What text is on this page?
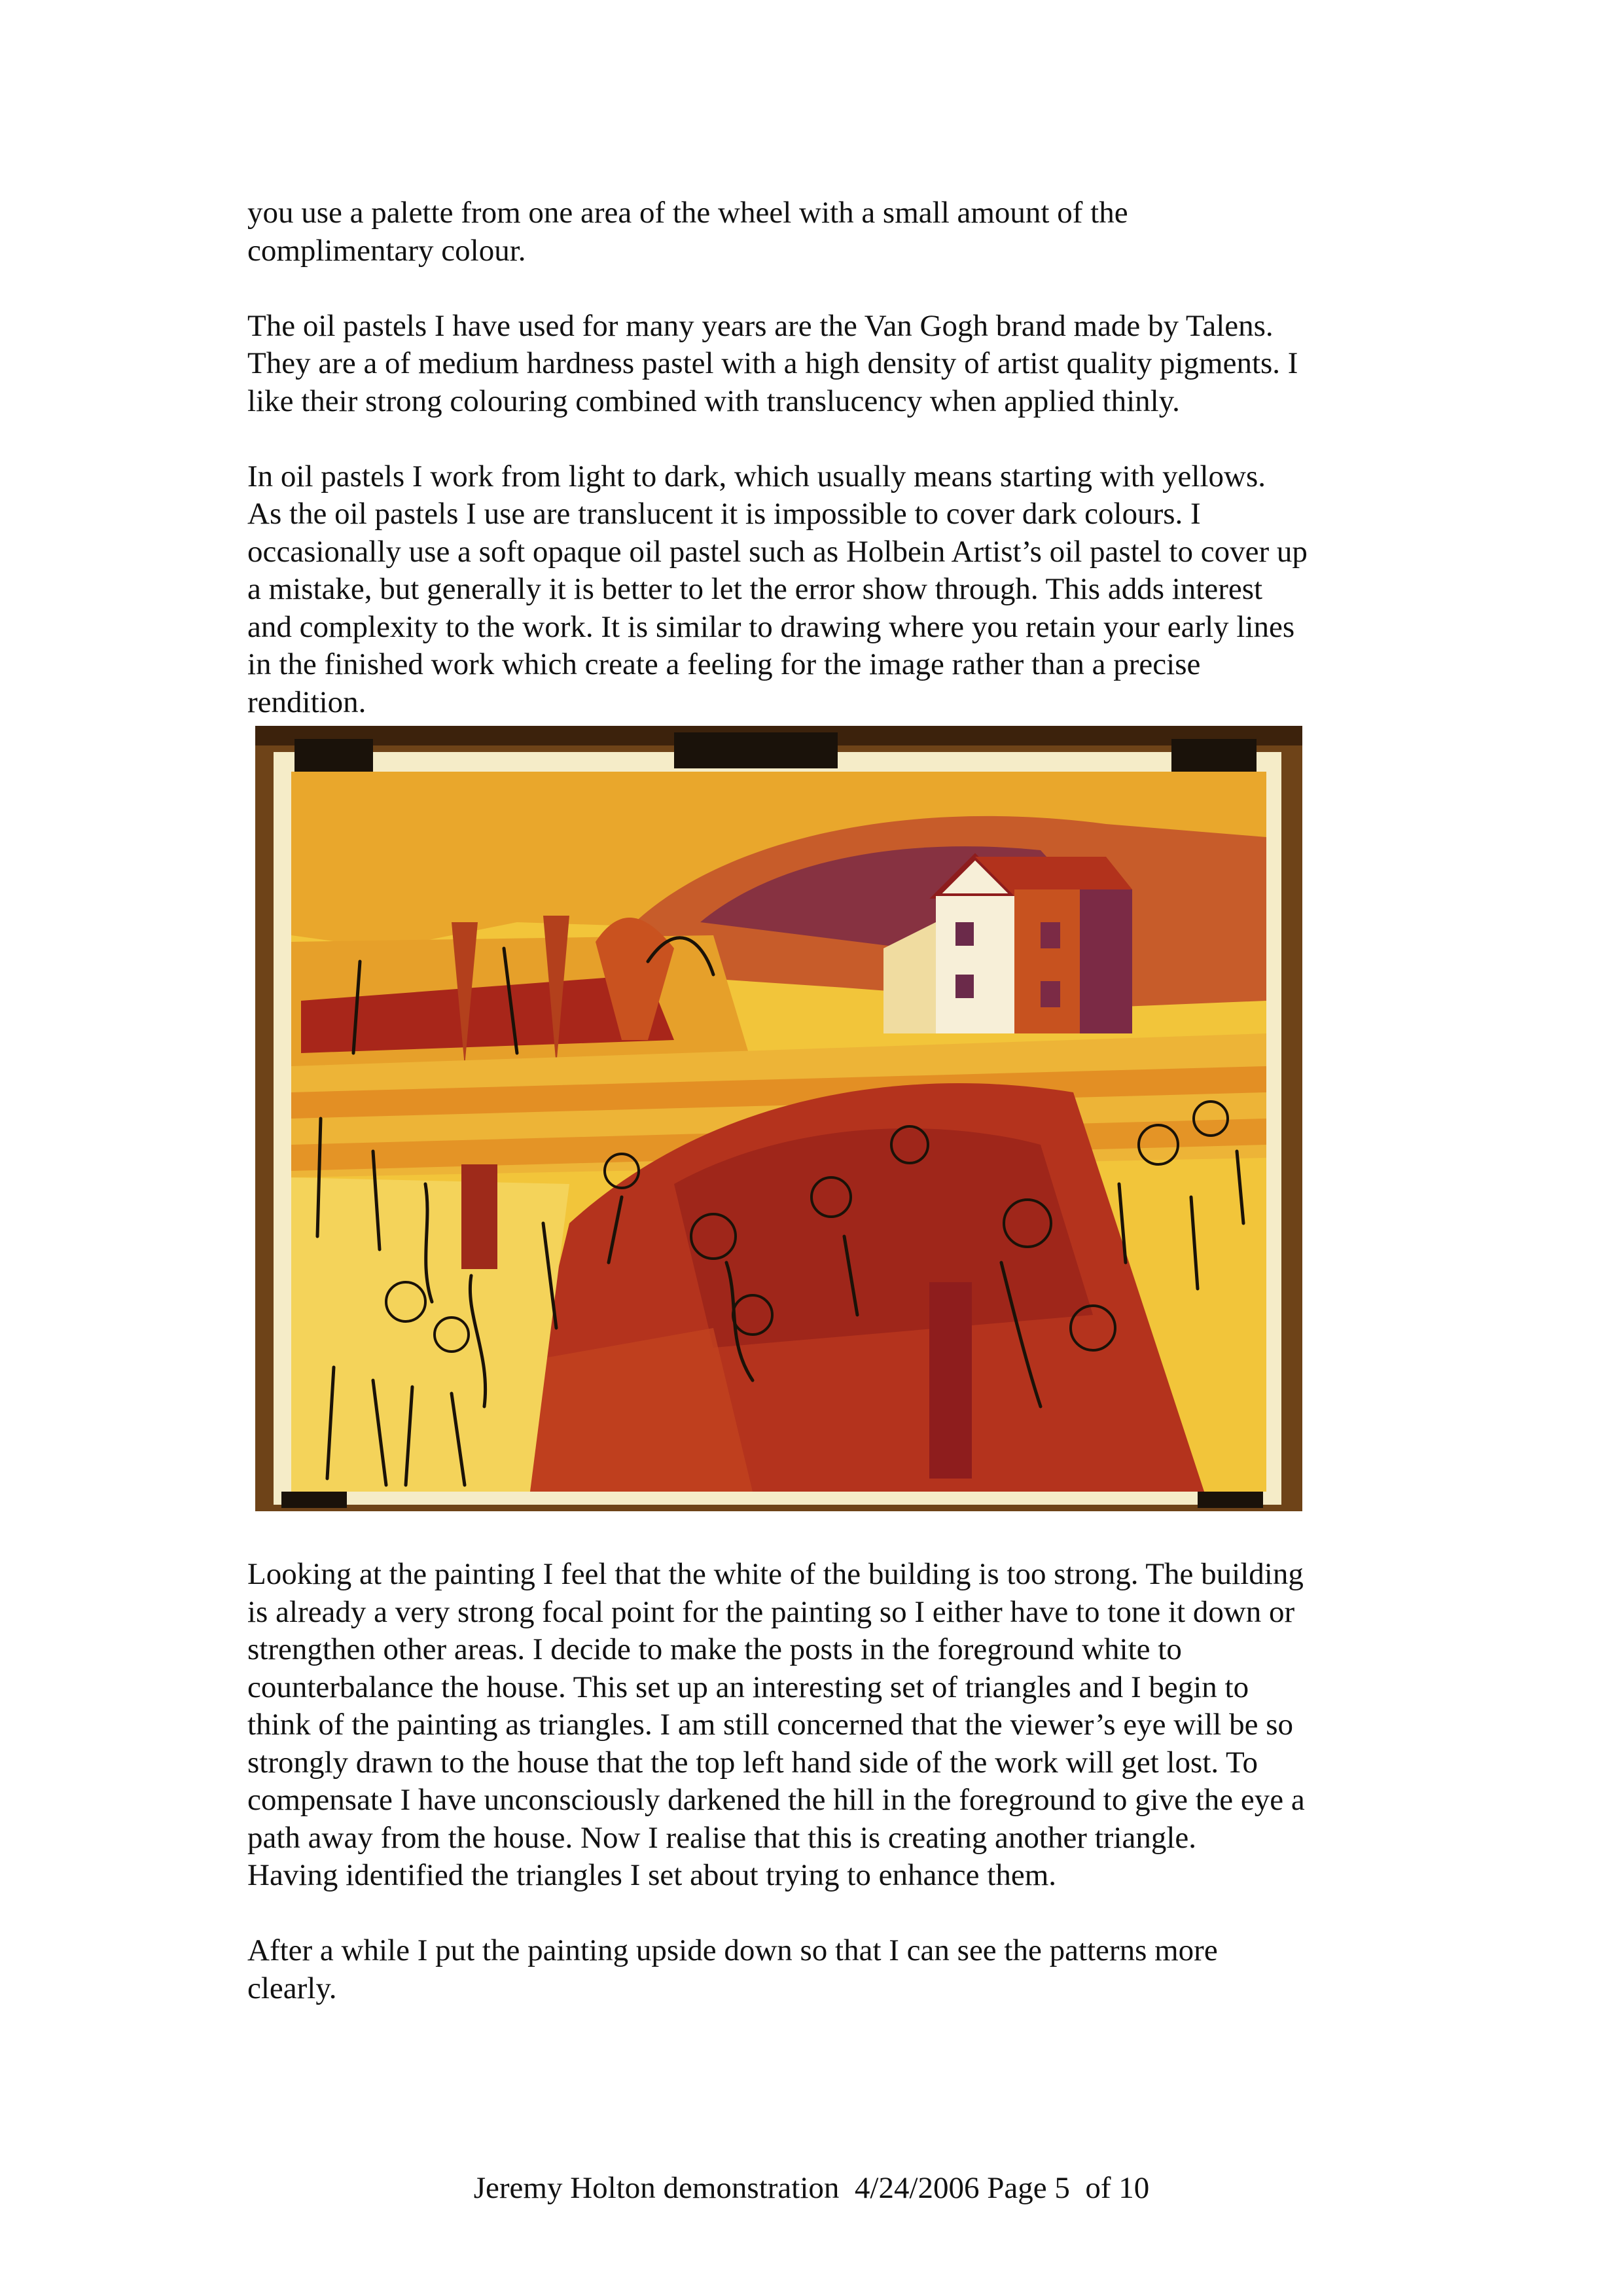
you use a palette from one area of the wheel with a small amount of the
complimentary colour.

The oil pastels I have used for many years are the Van Gogh brand made by Talens.
They are a of medium hardness pastel with a high density of artist quality pigments. I
like their strong colouring combined with translucency when applied thinly.

In oil pastels I work from light to dark, which usually means starting with yellows.
As the oil pastels I use are translucent it is impossible to cover dark colours. I
occasionally use a soft opaque oil pastel such as Holbein Artist’s oil pastel to cover up
a mistake, but generally it is better to let the error show through. This adds interest
and complexity to the work. It is similar to drawing where you retain your early lines
in the finished work which create a feeling for the image rather than a precise
rendition.

Looking at the painting I feel that the white of the building is too strong. The building
is already a very strong focal point for the painting so I either have to tone it down or
strengthen other areas. I decide to make the posts in the foreground white to
counterbalance the house. This set up an interesting set of triangles and I begin to
think of the painting as triangles. I am still concerned that the viewer’s eye will be so
strongly drawn to the house that the top left hand side of the work will get lost. To
compensate I have unconsciously darkened the hill in the foreground to give the eye a
path away from the house. Now I realise that this is creating another triangle.
Having identified the triangles I set about trying to enhance them.

After a while I put the painting upside down so that I can see the patterns more
clearly.

Jeremy Holton demonstration  4/24/2006 Page 5  of 10
